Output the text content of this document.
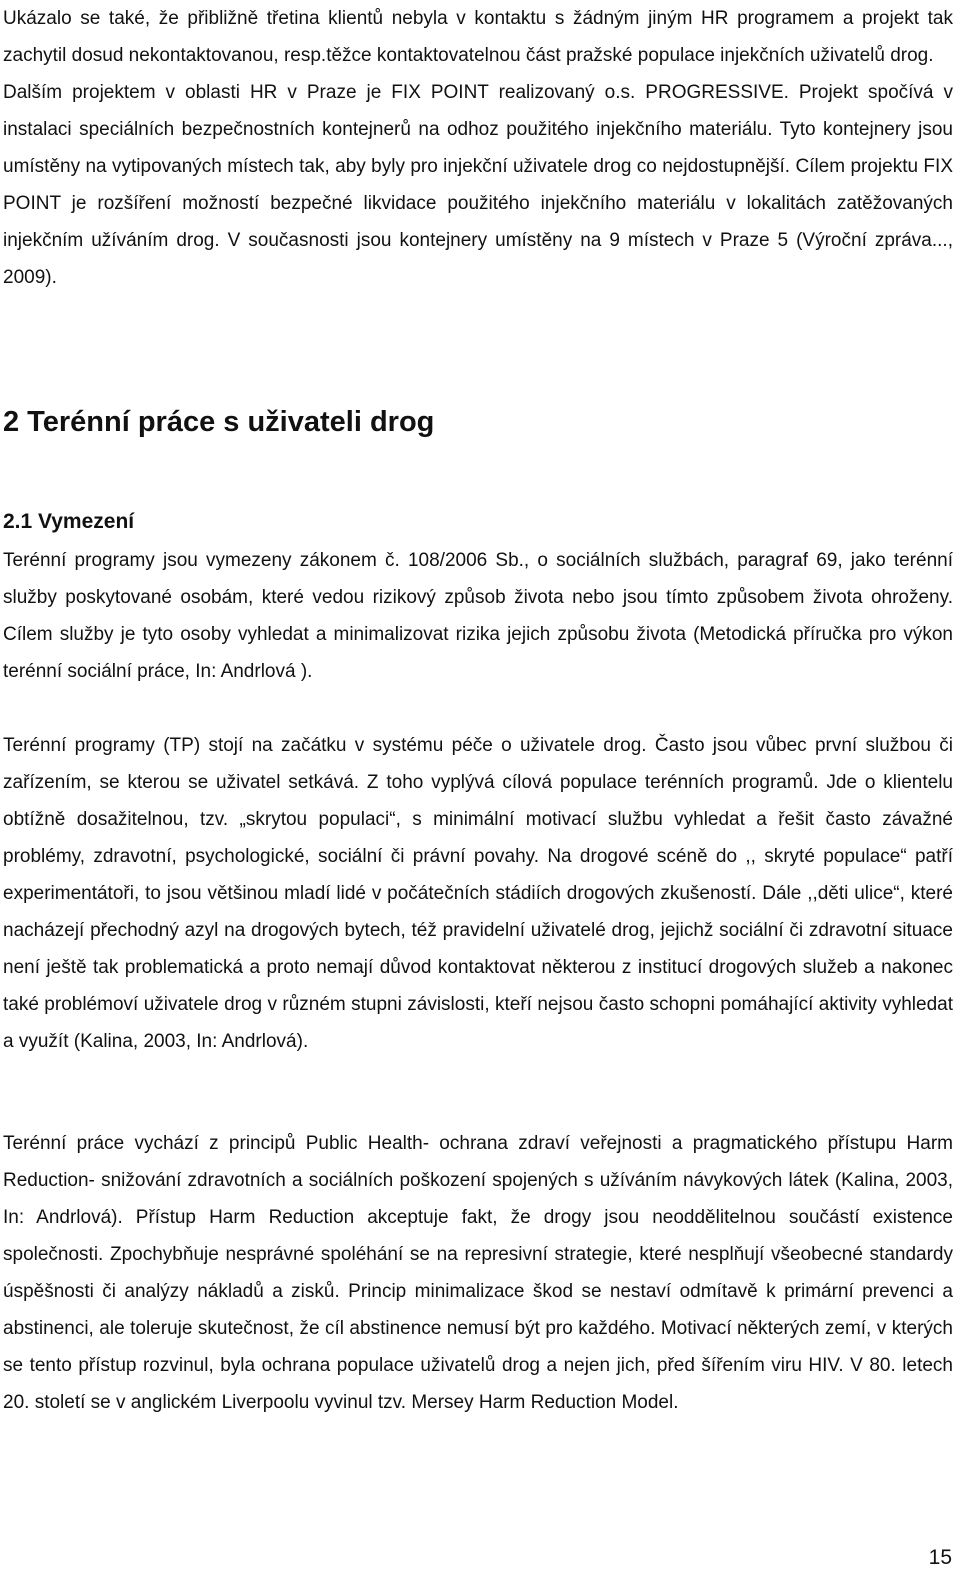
Ukázalo se také, že přibližně třetina klientů nebyla v kontaktu s žádným jiným HR programem a projekt tak zachytil dosud nekontaktovanou, resp.těžce kontaktovatelnou část pražské populace injekčních uživatelů drog.

Dalším projektem v oblasti HR v Praze je FIX POINT realizovaný o.s. PROGRESSIVE. Projekt spočívá v instalaci speciálních bezpečnostních kontejnerů na odhoz použitého injekčního materiálu. Tyto kontejnery jsou umístěny na vytipovaných místech tak, aby byly pro injekční uživatele drog co nejdostupnější. Cílem projektu FIX POINT je rozšíření možností bezpečné likvidace použitého injekčního materiálu v lokalitách zatěžovaných injekčním užíváním drog. V současnosti jsou kontejnery umístěny na 9 místech v Praze 5 (Výroční zpráva..., 2009).

2 Terénní práce s uživateli drog
2.1 Vymezení

Terénní programy jsou vymezeny zákonem č. 108/2006 Sb., o sociálních službách, paragraf 69, jako terénní služby poskytované osobám, které vedou rizikový způsob života nebo jsou tímto způsobem života ohroženy. Cílem služby je tyto osoby vyhledat a minimalizovat rizika jejich způsobu života (Metodická příručka pro výkon terénní sociální práce, In: Andrlová ).

Terénní programy (TP) stojí na začátku v systému péče o uživatele drog. Často jsou vůbec první službou či zařízením, se kterou se uživatel setkává. Z toho vyplývá cílová populace terénních programů. Jde o klientelu obtížně dosažitelnou, tzv. „skrytou populaci“, s minimální motivací službu vyhledat a řešit často závažné problémy, zdravotní, psychologické, sociální či právní povahy. Na drogové scéně do ,, skryté populace“ patří experimentátoři, to jsou většinou mladí lidé v počátečních stádiích drogových zkušeností. Dále ,,děti ulice“, které nacházejí přechodný azyl na drogových bytech, též pravidelní uživatelé drog, jejichž sociální či zdravotní situace není ještě tak problematická a proto nemají důvod kontaktovat některou z institucí drogových služeb a nakonec také problémoví uživatele drog v různém stupni závislosti, kteří nejsou často schopni pomáhající aktivity vyhledat a využít (Kalina, 2003, In: Andrlová).

Terénní práce vychází z principů Public Health- ochrana zdraví veřejnosti a pragmatického přístupu Harm Reduction- snižování zdravotních a sociálních poškození spojených s užíváním návykových látek (Kalina, 2003, In: Andrlová). Přístup Harm Reduction akceptuje fakt, že drogy jsou neoddělitelnou součástí existence společnosti. Zpochybňuje nesprávné spoléhání se na represivní strategie, které nesplňují všeobecné standardy úspěšnosti či analýzy nákladů a zisků. Princip minimalizace škod se nestaví odmítavě k primární prevenci a abstinenci, ale toleruje skutečnost, že cíl abstinence nemusí být pro každého. Motivací některých zemí, v kterých se tento přístup rozvinul, byla ochrana populace uživatelů drog a nejen jich, před šířením viru HIV. V 80. letech 20. století se v anglickém Liverpoolu vyvinul tzv. Mersey Harm Reduction Model.

15
